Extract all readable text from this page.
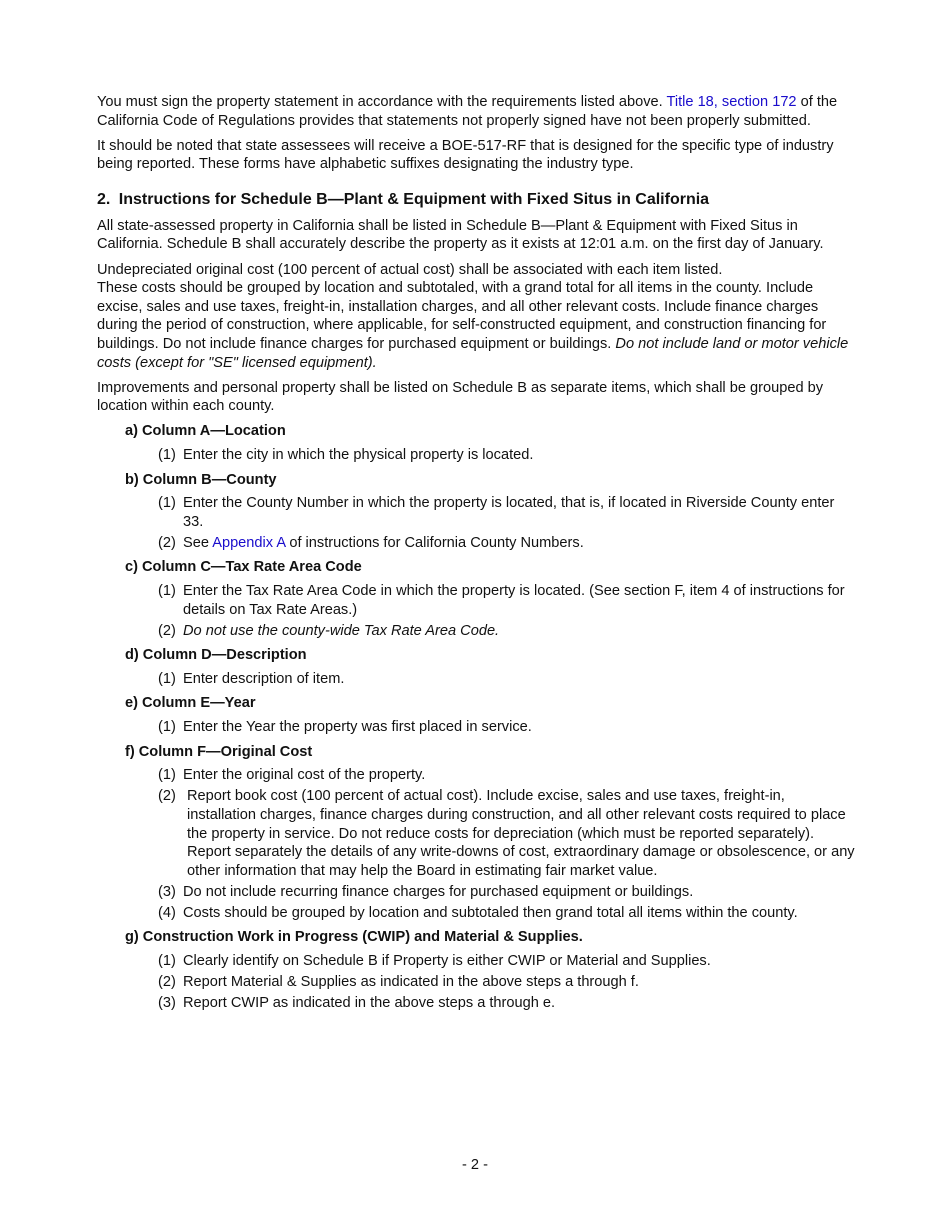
You must sign the property statement in accordance with the requirements listed above. Title 18, section 172 of the California Code of Regulations provides that statements not properly signed have not been properly submitted.

It should be noted that state assessees will receive a BOE-517-RF that is designed for the specific type of industry being reported. These forms have alphabetic suffixes designating the industry type.

2. Instructions for Schedule B—Plant & Equipment with Fixed Situs in California

All state-assessed property in California shall be listed in Schedule B—Plant & Equipment with Fixed Situs in California. Schedule B shall accurately describe the property as it exists at 12:01 a.m. on the first day of January.

Undepreciated original cost (100 percent of actual cost) shall be associated with each item listed.
These costs should be grouped by location and subtotaled, with a grand total for all items in the county. Include excise, sales and use taxes, freight-in, installation charges, and all other relevant costs. Include finance charges during the period of construction, where applicable, for self-constructed equipment, and construction financing for buildings. Do not include finance charges for purchased equipment or buildings. Do not include land or motor vehicle costs (except for "SE" licensed equipment).

Improvements and personal property shall be listed on Schedule B as separate items, which shall be grouped by location within each county.

a) Column A—Location
(1) Enter the city in which the physical property is located.
b) Column B—County
(1) Enter the County Number in which the property is located, that is, if located in Riverside County enter 33.
(2) See Appendix A of instructions for California County Numbers.
c) Column C—Tax Rate Area Code
(1) Enter the Tax Rate Area Code in which the property is located. (See section F, item 4 of instructions for details on Tax Rate Areas.)
(2) Do not use the county-wide Tax Rate Area Code.
d) Column D—Description
(1) Enter description of item.
e) Column E—Year
(1) Enter the Year the property was first placed in service.
f) Column F—Original Cost
(1) Enter the original cost of the property.
(2) Report book cost (100 percent of actual cost). Include excise, sales and use taxes, freight-in, installation charges, finance charges during construction, and all other relevant costs required to place the property in service. Do not reduce costs for depreciation (which must be reported separately). Report separately the details of any write-downs of cost, extraordinary damage or obsolescence, or any other information that may help the Board in estimating fair market value.
(3) Do not include recurring finance charges for purchased equipment or buildings.
(4) Costs should be grouped by location and subtotaled then grand total all items within the county.
g) Construction Work in Progress (CWIP) and Material & Supplies.
(1) Clearly identify on Schedule B if Property is either CWIP or Material and Supplies.
(2) Report Material & Supplies as indicated in the above steps a through f.
(3) Report CWIP as indicated in the above steps a through e.
- 2 -
